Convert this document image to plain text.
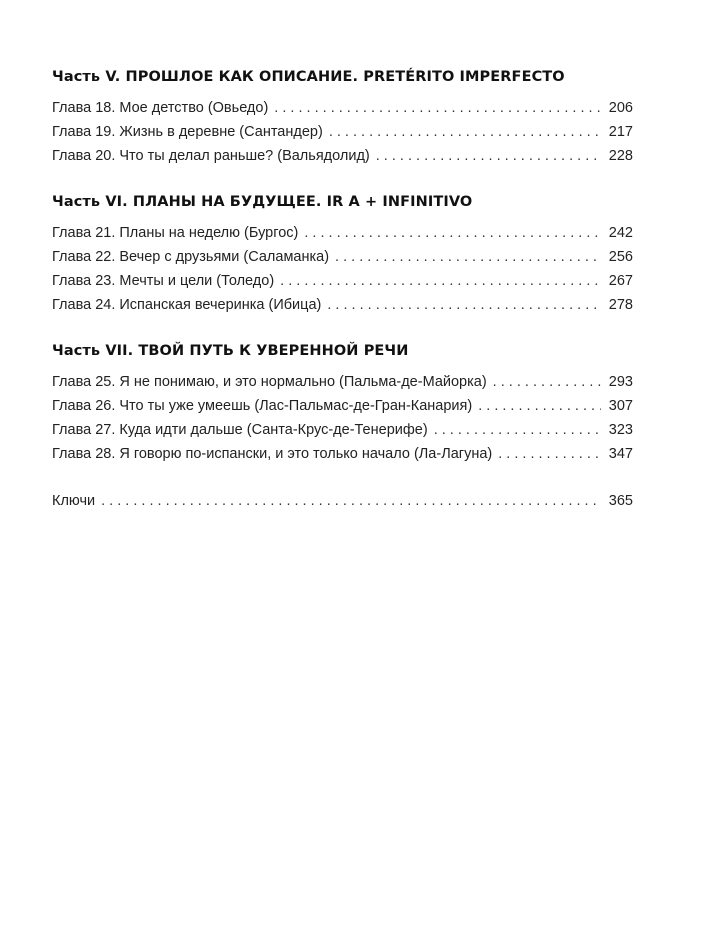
Часть V. ПРОШЛОЕ КАК ОПИСАНИЕ. PRETÉRITO IMPERFECTO
Глава 18. Мое детство (Овьедо) . . .	206
Глава 19. Жизнь в деревне (Сантандер) . . .	217
Глава 20. Что ты делал раньше? (Вальядолид) . . .	228
Часть VI. ПЛАНЫ НА БУДУЩЕЕ. IR A + INFINITIVO
Глава 21. Планы на неделю (Бургос) . . .	242
Глава 22. Вечер с друзьями (Саламанка) . . .	256
Глава 23. Мечты и цели (Толедо) . . .	267
Глава 24. Испанская вечеринка (Ибица) . . .	278
Часть VII. ТВОЙ ПУТЬ К УВЕРЕННОЙ РЕЧИ
Глава 25. Я не понимаю, и это нормально (Пальма-де-Майорка) . . .	293
Глава 26. Что ты уже умеешь (Лас-Пальмас-де-Гран-Канария) . . .	307
Глава 27. Куда идти дальше (Санта-Крус-де-Тенерифе) . . .	323
Глава 28. Я говорю по-испански, и это только начало (Ла-Лагуна) . . .	347
Ключи . . .	365
